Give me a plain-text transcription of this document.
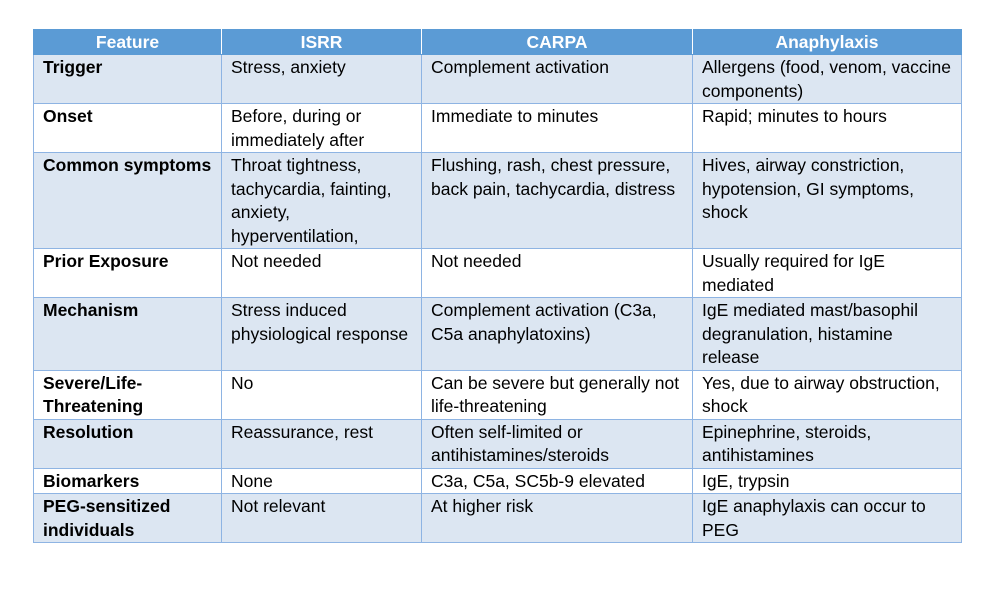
Feature	ISRR	CARPA	Anaphylaxis
Trigger	Stress, anxiety	Complement activation	Allergens (food, venom, vaccine components)
Onset	Before, during or immediately after	Immediate to minutes	Rapid; minutes to hours
Common symptoms	Throat tightness, tachycardia, fainting, anxiety, hyperventilation,	Flushing, rash, chest pressure, back pain, tachycardia, distress	Hives, airway constriction, hypotension, GI symptoms, shock
Prior Exposure	Not needed	Not needed	Usually required for IgE mediated
Mechanism	Stress induced physiological response	Complement activation (C3a, C5a anaphylatoxins)	IgE mediated mast/basophil degranulation, histamine release
Severe/Life-Threatening	No	Can be severe but generally not life-threatening	Yes, due to airway obstruction, shock
Resolution	Reassurance, rest	Often self-limited or antihistamines/steroids	Epinephrine, steroids, antihistamines
Biomarkers	None	C3a, C5a, SC5b-9 elevated	IgE, trypsin
PEG-sensitized individuals	Not relevant	At higher risk	IgE anaphylaxis can occur to PEG
